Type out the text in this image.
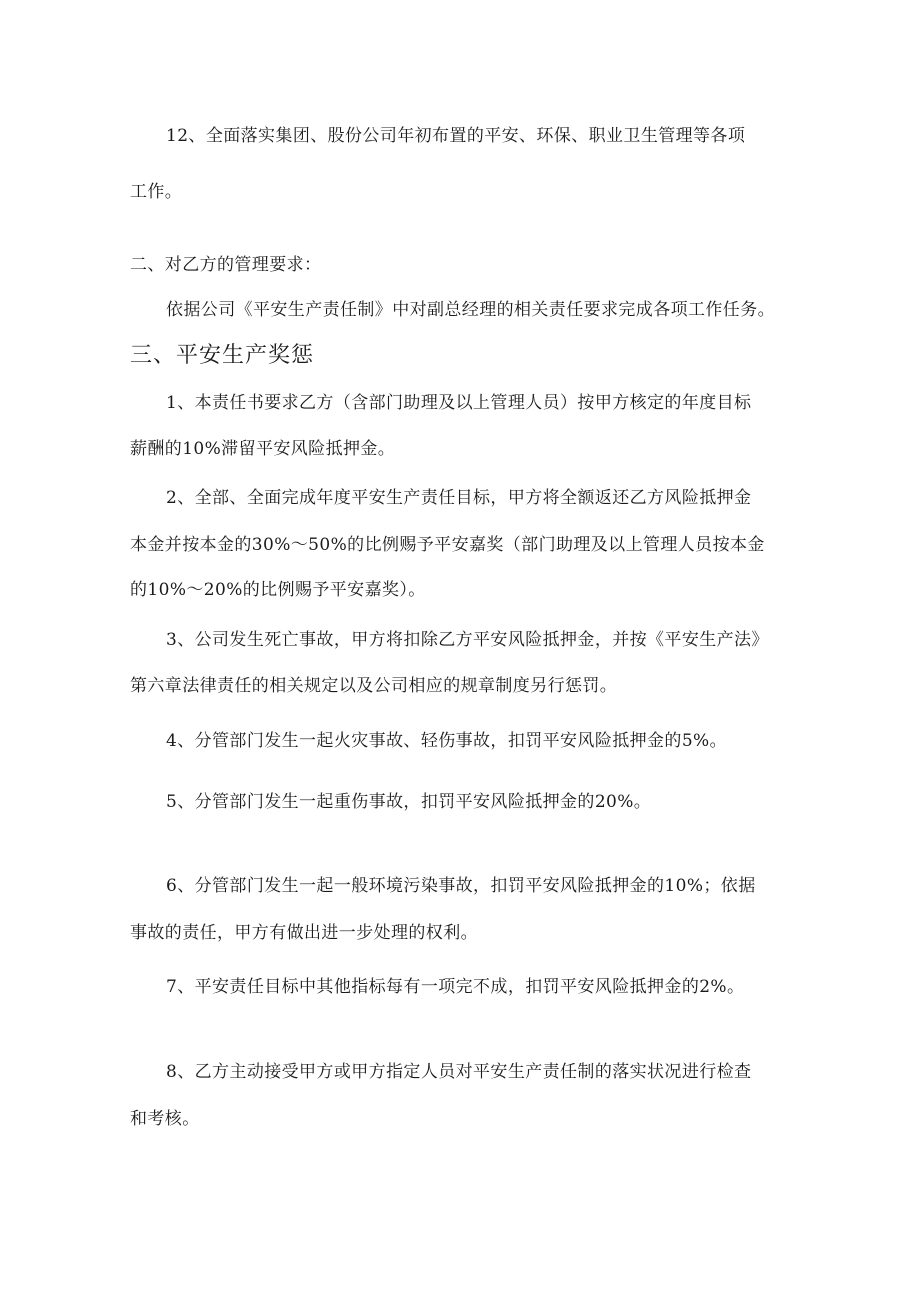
12、全面落实集团、股份公司年初布置的平安、环保、职业卫生管理等各项
工作。
二、对乙方的管理要求：
依据公司《平安生产责任制》中对副总经理的相关责任要求完成各项工作任务。
三、平安生产奖惩
1、本责任书要求乙方（含部门助理及以上管理人员）按甲方核定的年度目标
薪酬的10%滞留平安风险抵押金。
2、全部、全面完成年度平安生产责任目标，甲方将全额返还乙方风险抵押金
本金并按本金的30%～50%的比例赐予平安嘉奖（部门助理及以上管理人员按本金
的10%～20%的比例赐予平安嘉奖）。
3、公司发生死亡事故，甲方将扣除乙方平安风险抵押金，并按《平安生产法》
第六章法律责任的相关规定以及公司相应的规章制度另行惩罚。
4、分管部门发生一起火灾事故、轻伤事故，扣罚平安风险抵押金的5%。
5、分管部门发生一起重伤事故，扣罚平安风险抵押金的20%。
6、分管部门发生一起一般环境污染事故，扣罚平安风险抵押金的10%；依据
事故的责任，甲方有做出进一步处理的权利。
7、平安责任目标中其他指标每有一项完不成，扣罚平安风险抵押金的2%。
8、乙方主动接受甲方或甲方指定人员对平安生产责任制的落实状况进行检查
和考核。
